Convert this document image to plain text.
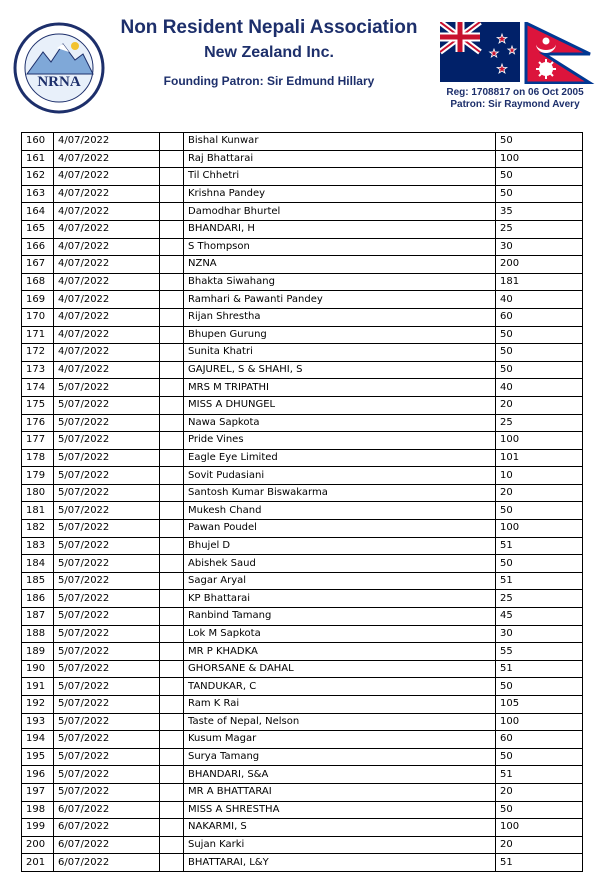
NRNA
Non Resident Nepali Association
New Zealand Inc.
Founding Patron: Sir Edmund Hillary
Reg: 1708817 on 06 Oct 2005
Patron: Sir Raymond Avery
160	4/07/2022		Bishal Kunwar	50
161	4/07/2022		Raj Bhattarai	100
162	4/07/2022		Til Chhetri	50
163	4/07/2022		Krishna Pandey	50
164	4/07/2022		Damodhar Bhurtel	35
165	4/07/2022		BHANDARI, H	25
166	4/07/2022		S Thompson	30
167	4/07/2022		NZNA	200
168	4/07/2022		Bhakta Siwahang	181
169	4/07/2022		Ramhari & Pawanti Pandey	40
170	4/07/2022		Rijan Shrestha	60
171	4/07/2022		Bhupen Gurung	50
172	4/07/2022		Sunita Khatri	50
173	4/07/2022		GAJUREL, S & SHAHI, S	50
174	5/07/2022		MRS M TRIPATHI	40
175	5/07/2022		MISS A DHUNGEL	20
176	5/07/2022		Nawa Sapkota	25
177	5/07/2022		Pride Vines	100
178	5/07/2022		Eagle Eye Limited	101
179	5/07/2022		Sovit Pudasiani	10
180	5/07/2022		Santosh Kumar Biswakarma	20
181	5/07/2022		Mukesh Chand	50
182	5/07/2022		Pawan Poudel	100
183	5/07/2022		Bhujel D	51
184	5/07/2022		Abishek Saud	50
185	5/07/2022		Sagar Aryal	51
186	5/07/2022		KP Bhattarai	25
187	5/07/2022		Ranbind Tamang	45
188	5/07/2022		Lok M Sapkota	30
189	5/07/2022		MR P KHADKA	55
190	5/07/2022		GHORSANE & DAHAL	51
191	5/07/2022		TANDUKAR, C	50
192	5/07/2022		Ram K Rai	105
193	5/07/2022		Taste of Nepal, Nelson	100
194	5/07/2022		Kusum Magar	60
195	5/07/2022		Surya Tamang	50
196	5/07/2022		BHANDARI, S&A	51
197	5/07/2022		MR A BHATTARAI	20
198	6/07/2022		MISS A SHRESTHA	50
199	6/07/2022		NAKARMI, S	100
200	6/07/2022		Sujan Karki	20
201	6/07/2022		BHATTARAI, L&Y	51
